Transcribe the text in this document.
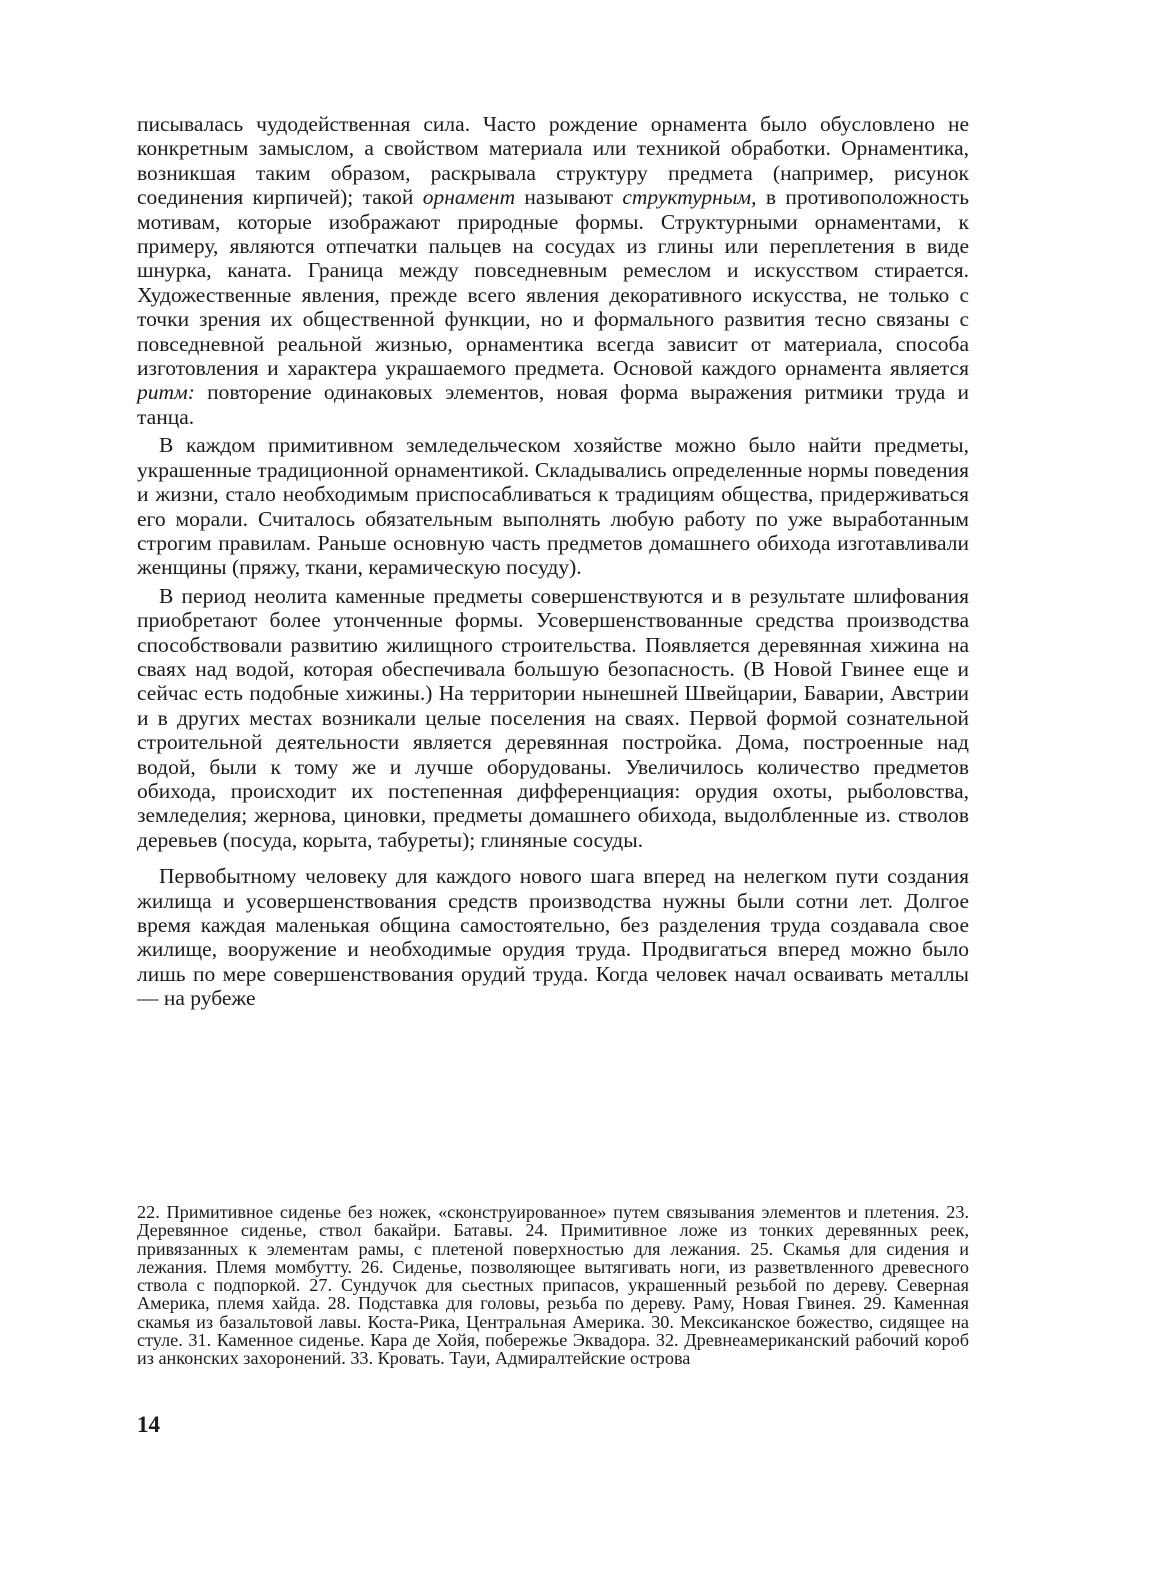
писывалась чудодейственная сила. Часто рождение орнамента было обусловлено не конкретным замыслом, а свойством материала или техникой обработки. Орнаментика, возникшая таким образом, раскрывала структуру предмета (например, рисунок соединения кирпичей); такой орнамент называют структурным, в противоположность мотивам, которые изображают природные формы. Структурными орнаментами, к примеру, являются отпечатки пальцев на сосудах из глины или переплетения в виде шнурка, каната. Граница между повседневным ремеслом и искусством стирается. Художественные явления, прежде всего явления декоративного искусства, не только с точки зрения их общественной функции, но и формального развития тесно связаны с повседневной реальной жизнью, орнаментика всегда зависит от материала, способа изготовления и характера украшаемого предмета. Основой каждого орнамента является ритм: повторение одинаковых элементов, новая форма выражения ритмики труда и танца.

В каждом примитивном земледельческом хозяйстве можно было найти предметы, украшенные традиционной орнаментикой. Складывались определенные нормы поведения и жизни, стало необходимым приспосабливаться к традициям общества, придерживаться его морали. Считалось обязательным выполнять любую работу по уже выработанным строгим правилам. Раньше основную часть предметов домашнего обихода изготавливали женщины (пряжу, ткани, керамическую посуду).

В период неолита каменные предметы совершенствуются и в результате шлифования приобретают более утонченные формы. Усовершенствованные средства производства способствовали развитию жилищного строительства. Появляется деревянная хижина на сваях над водой, которая обеспечивала большую безопасность. (В Новой Гвинее еще и сейчас есть подобные хижины.) На территории нынешней Швейцарии, Баварии, Австрии и в других местах возникали целые поселения на сваях. Первой формой сознательной строительной деятельности является деревянная постройка. Дома, построенные над водой, были к тому же и лучше оборудованы. Увеличилось количество предметов обихода, происходит их постепенная дифференциация: орудия охоты, рыболовства, земледелия; жернова, циновки, предметы домашнего обихода, выдолбленные из. стволов деревьев (посуда, корыта, табуреты); глиняные сосуды.

Первобытному человеку для каждого нового шага вперед на нелегком пути создания жилища и усовершенствования средств производства нужны были сотни лет. Долгое время каждая маленькая община самостоятельно, без разделения труда создавала свое жилище, вооружение и необходимые орудия труда. Продвигаться вперед можно было лишь по мере совершенствования орудий труда. Когда человек начал осваивать металлы — на рубеже

22. Примитивное сиденье без ножек, «сконструированное» путем связывания элементов и плетения. 23. Деревянное сиденье, ствол бакайри. Батавы. 24. Примитивное ложе из тонких деревянных реек, привязанных к элементам рамы, с плетеной поверхностью для лежания. 25. Скамья для сидения и лежания. Племя момбутту. 26. Сиденье, позволяющее вытягивать ноги, из разветвленного древесного ствола с подпоркой. 27. Сундучок для сьестных припасов, украшенный резьбой по дереву. Северная Америка, племя хайда. 28. Подставка для головы, резьба по дереву. Раму, Новая Гвинея. 29. Каменная скамья из базальтовой лавы. Коста-Рика, Центральная Америка. 30. Мексиканское божество, сидящее на стуле. 31. Каменное сиденье. Кара де Хойя, побережье Эквадора. 32. Древнеамериканский рабочий короб из анконских захоронений. 33. Кровать. Тауи, Адмиралтейские острова
14
